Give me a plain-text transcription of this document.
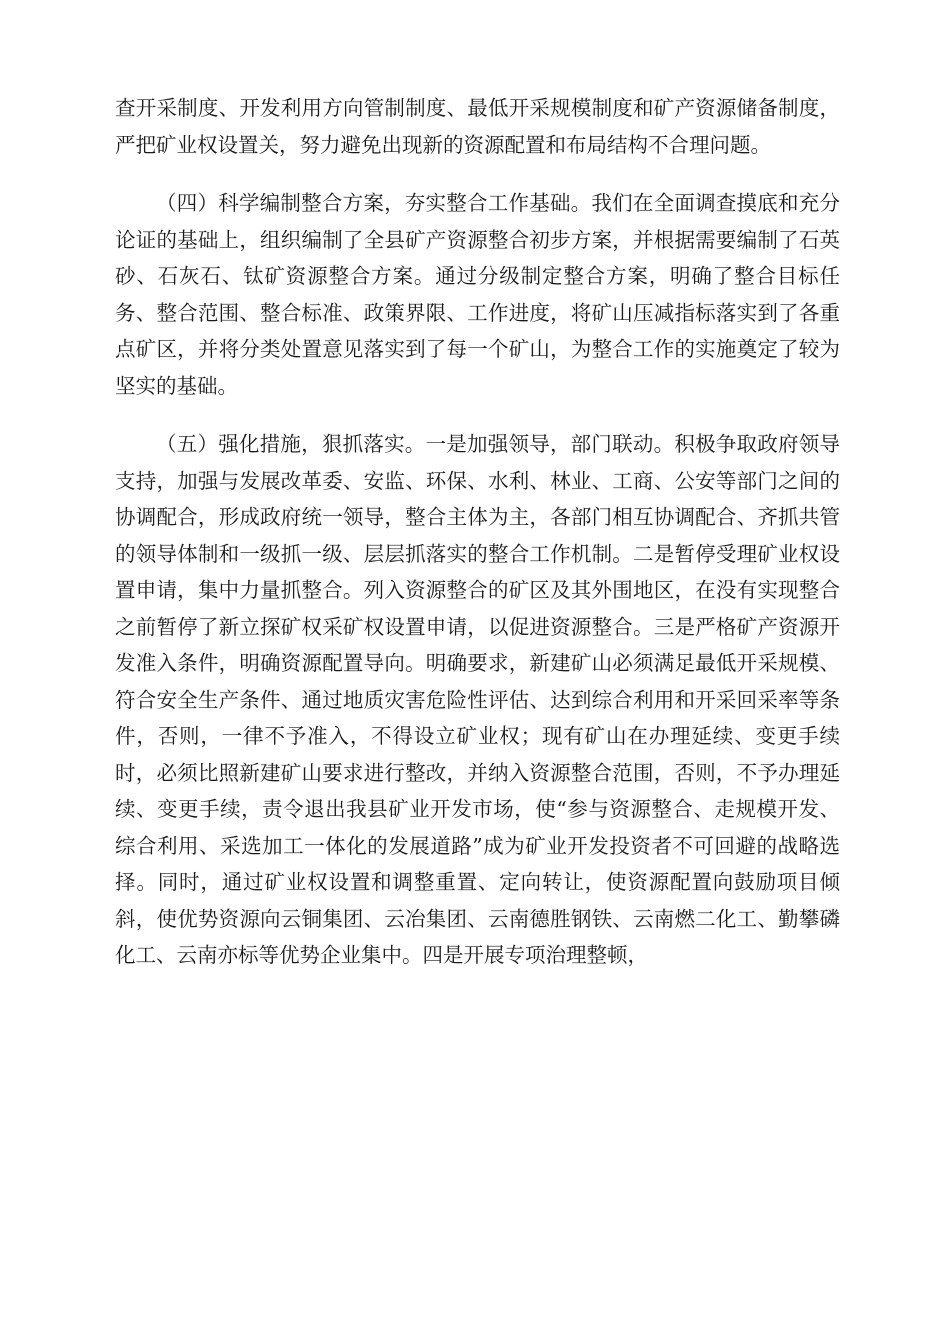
查开采制度、开发利用方向管制制度、最低开采规模制度和矿产资源储备制度，严把矿业权设置关，努力避免出现新的资源配置和布局结构不合理问题。

（四）科学编制整合方案，夯实整合工作基础。我们在全面调查摸底和充分论证的基础上，组织编制了全县矿产资源整合初步方案，并根据需要编制了石英砂、石灰石、钛矿资源整合方案。通过分级制定整合方案，明确了整合目标任务、整合范围、整合标准、政策界限、工作进度，将矿山压减指标落实到了各重点矿区，并将分类处置意见落实到了每一个矿山，为整合工作的实施奠定了较为坚实的基础。

（五）强化措施，狠抓落实。一是加强领导，部门联动。积极争取政府领导支持，加强与发展改革委、安监、环保、水利、林业、工商、公安等部门之间的协调配合，形成政府统一领导，整合主体为主，各部门相互协调配合、齐抓共管的领导体制和一级抓一级、层层抓落实的整合工作机制。二是暂停受理矿业权设置申请，集中力量抓整合。列入资源整合的矿区及其外围地区，在没有实现整合之前暂停了新立探矿权采矿权设置申请，以促进资源整合。三是严格矿产资源开发准入条件，明确资源配置导向。明确要求，新建矿山必须满足最低开采规模、符合安全生产条件、通过地质灾害危险性评估、达到综合利用和开采回采率等条件，否则，一律不予准入，不得设立矿业权；现有矿山在办理延续、变更手续时，必须比照新建矿山要求进行整改，并纳入资源整合范围，否则，不予办理延续、变更手续，责令退出我县矿业开发市场，使“参与资源整合、走规模开发、综合利用、采选加工一体化的发展道路”成为矿业开发投资者不可回避的战略选择。同时，通过矿业权设置和调整重置、定向转让，使资源配置向鼓励项目倾斜，使优势资源向云铜集团、云冶集团、云南德胜钢铁、云南燃二化工、勤攀磷化工、云南亦标等优势企业集中。四是开展专项治理整顿，
